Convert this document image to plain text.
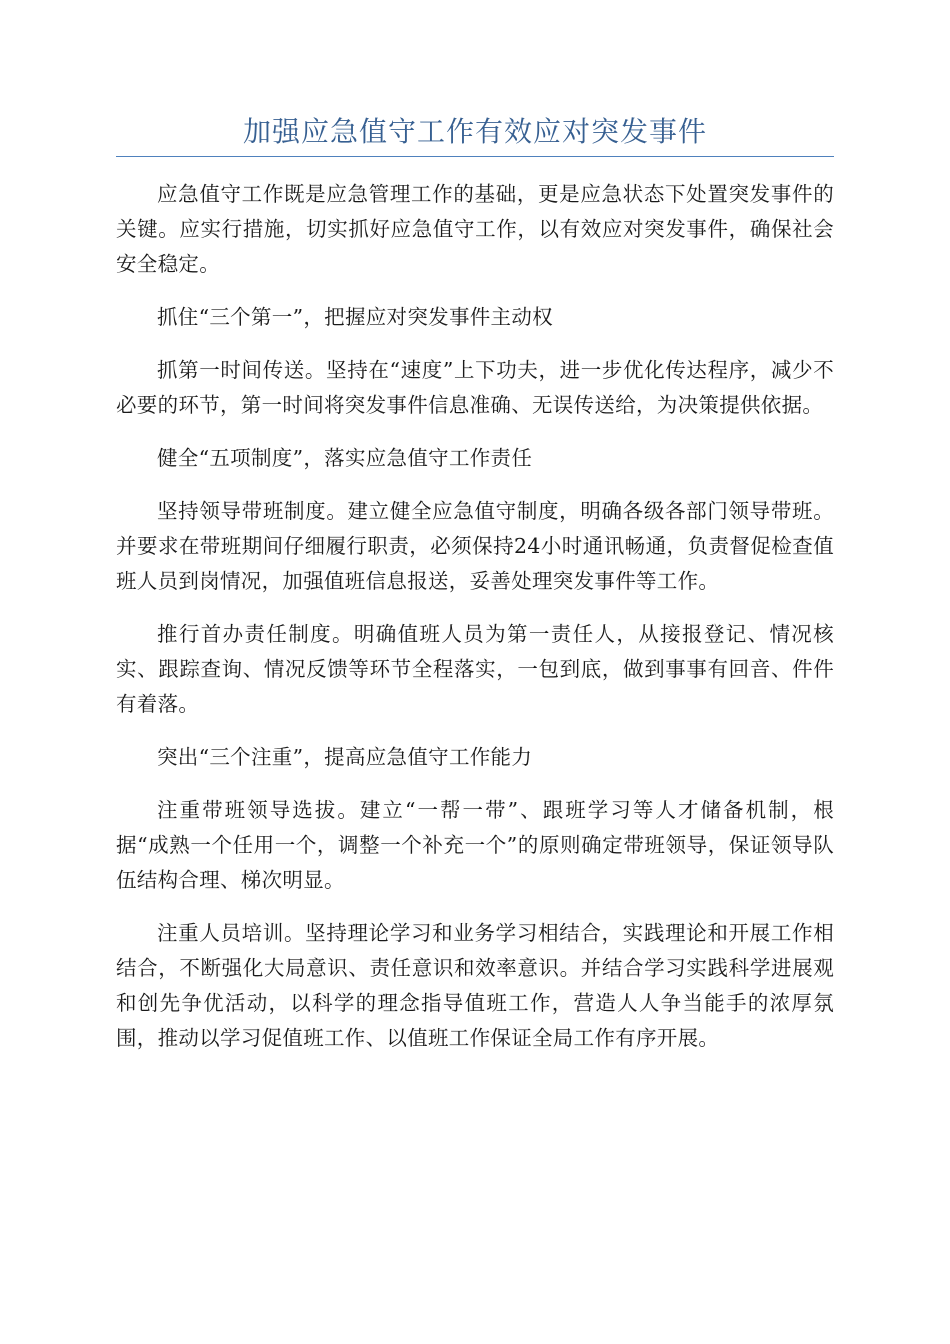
加强应急值守工作有效应对突发事件

应急值守工作既是应急管理工作的基础，更是应急状态下处置突发事件的关键。应实行措施，切实抓好应急值守工作，以有效应对突发事件，确保社会安全稳定。

抓住“三个第一”，把握应对突发事件主动权

抓第一时间传送。坚持在“速度”上下功夫，进一步优化传达程序，减少不必要的环节，第一时间将突发事件信息准确、无误传送给，为决策提供依据。

健全“五项制度”，落实应急值守工作责任

坚持领导带班制度。建立健全应急值守制度，明确各级各部门领导带班。并要求在带班期间仔细履行职责，必须保持24小时通讯畅通，负责督促检查值班人员到岗情况，加强值班信息报送，妥善处理突发事件等工作。

推行首办责任制度。明确值班人员为第一责任人，从接报登记、情况核实、跟踪查询、情况反馈等环节全程落实，一包到底，做到事事有回音、件件有着落。

突出“三个注重”，提高应急值守工作能力

注重带班领导选拔。建立“一帮一带”、跟班学习等人才储备机制，根据“成熟一个任用一个，调整一个补充一个”的原则确定带班领导，保证领导队伍结构合理、梯次明显。

注重人员培训。坚持理论学习和业务学习相结合，实践理论和开展工作相结合，不断强化大局意识、责任意识和效率意识。并结合学习实践科学进展观和创先争优活动，以科学的理念指导值班工作，营造人人争当能手的浓厚氛围，推动以学习促值班工作、以值班工作保证全局工作有序开展。
